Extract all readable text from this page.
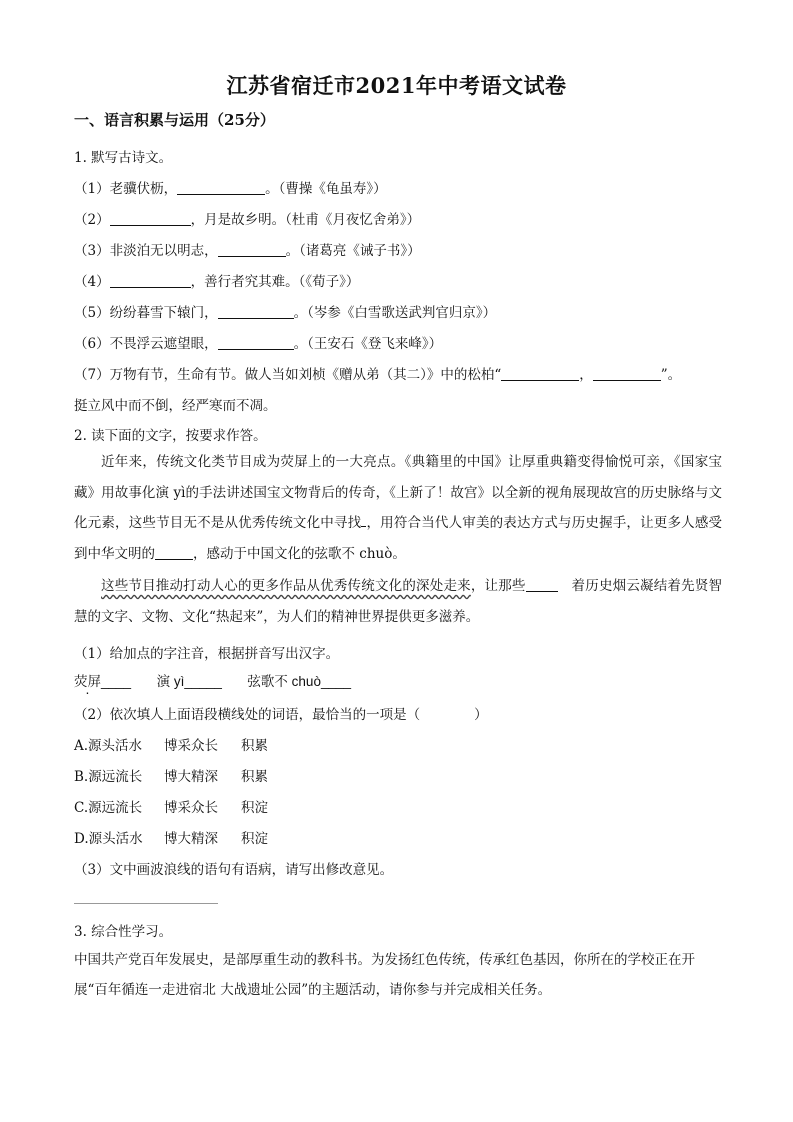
江苏省宿迁市2021年中考语文试卷
一、语言积累与运用（25分）
1. 默写古诗文。
（1）老骥伏枥，	。（曹操《龟虽寿》）
（2）	，月是故乡明。（杜甫《月夜忆舍弟》）
（3）非淡泊无以明志，	。（诸葛亮《诫子书》）
（4）	，善行者究其难。（《荀子》）
（5）纷纷暮雪下辕门，	。（岑参《白雪歌送武判官归京》）
（6）不畏浮云遮望眼，	。（王安石《登飞来峰》）
（7）万物有节，生命有节。做人当如刘桢《赠从弟（其二）》中的松柏“	，	”。
挺立风中而不倒，经严寒而不凋。
2. 读下面的文字，按要求作答。
近年来，传统文化类节目成为荧 ·屏上的一大亮点。《典籍里的中国》让厚重典籍变得愉悦可亲，《国家宝藏》用故事化演 yì的手法讲述国宝文物背后的传奇，《上新了！故宫》以全新的视角展现故宫的历史脉络与文化元素，这些节目无不是从优秀传统文化中寻找 ，用符合当代人审美的表达方式与历史握手，让更多人感受到中华文明的	，感动于中国文化的弦歌不 chuò。
这些节目推动打动人心的更多作品从优秀传统文化的深处走来，让那些　	着历史烟云凝结着先贤智慧的文字、文物、文化“热起来”，为人们的精神世界提供更多滋养。
（1）给加点的字注音，根据拼音写出汉字。
荧屏____ 演 yì_____ 弦歌不 chuò____
（2）依次填人上面语段横线处的词语，最恰当的一项是（　　　　）
A.源头活水 博采众长 积累
B.源远流长 博大精深 积累
C.源远流长 博采众长 积淀
D.源头活水 博大精深 积淀
（3）文中画波浪线的语句有语病，请写出修改意见。
3. 综合性学习。
中国共产党百年发展史，是部厚重生动的教科书。为发扬红色传统，传承红色基因，你所在的学校正在开展“百年循连一走进宿北 大战遗址公园”的主题活动，请你参与并完成相关任务。
